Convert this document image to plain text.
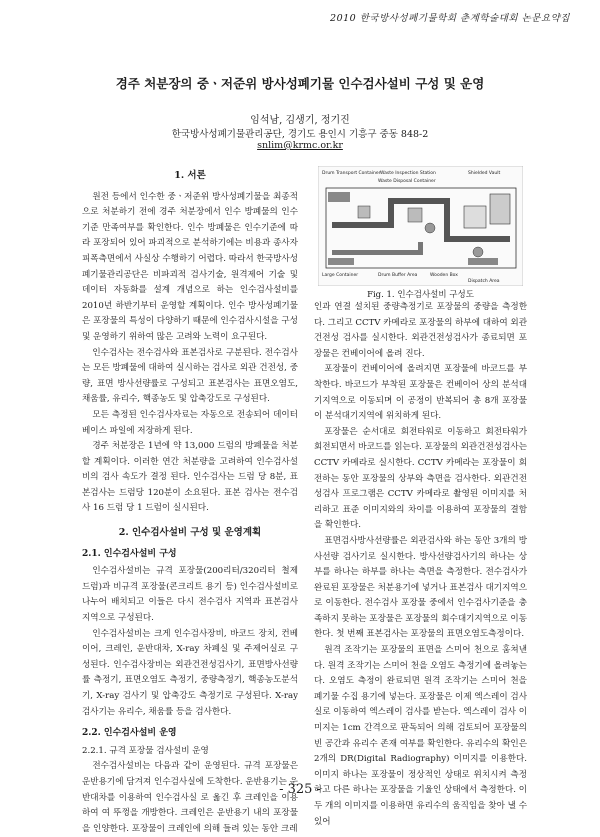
2010 한국방사성폐기물학회 춘계학술대회 논문요약집
경주 처분장의 중ㆍ저준위 방사성폐기물 인수검사설비 구성 및 운영
임석남, 김생기, 정기진
한국방사성폐기물관리공단, 경기도 용인시 기흥구 중동 848-2
snlim@krmc.or.kr
1. 서론

원전 등에서 인수한 중ㆍ저준위 방사성폐기물을 최종적으로 처분하기 전에 경주 처분장에서 인수 방폐물의 인수기준 만족여부를 확인한다. 인수 방폐물은 인수기준에 따라 포장되어 있어 파괴적으로 분석하기에는 비용과 종사자 피폭측면에서 사실상 수행하기 어렵다. 따라서 한국방사성폐기물관리공단은 비파괴적 검사기술, 원격제어 기술 및 데이터 자동화를 설계 개념으로 하는 인수검사설비를 2010년 하반기부터 운영할 계획이다. 인수 방사성폐기물은 포장물의 특성이 다양하기 때문에 인수검사시설을 구성 및 운영하기 위하여 많은 고려와 노력이 요구된다.

인수검사는 전수검사와 표본검사로 구분된다. 전수검사는 모든 방폐물에 대하여 실시하는 검사로 외관 건전성, 중량, 표면 방사선량률로 구성되고 표본검사는 표면오염도, 채움률, 유리수, 핵종농도 및 압축강도로 구성된다.

모든 측정된 인수검사자료는 자동으로 전송되어 데이터베이스 파일에 저장하게 된다.

경주 처분장은 1년에 약 13,000 드럼의 방폐물을 처분할 계획이다. 이러한 연간 처분량을 고려하여 인수검사설비의 검사 속도가 결정 된다. 인수검사는 드럼 당 8분, 표본검사는 드럼당 120분이 소요된다. 표본 검사는 전수검사 16 드럼 당 1 드럼이 실시된다.

2. 인수검사설비 구성 및 운영계획
2.1. 인수검사설비 구성

인수검사설비는 규격 포장물(200리터/320리터 철제 드럼)과 비규격 포장물(콘크리트 용기 등) 인수검사설비로 나누어 배치되고 이들은 다시 전수검사 지역과 표본검사 지역으로 구성된다.

인수검사설비는 크게 인수검사장비, 바코드 장치, 컨베이어, 크레인, 운반대차, X-ray 차폐실 및 주제어실로 구성된다. 인수검사장비는 외관건전성검사기, 표면방사선량률 측정기, 표면오염도 측정기, 중량측정기, 핵종농도분석기, X-ray 검사기 및 압축강도 측정기로 구성된다. X-ray 검사기는 유리수, 채움률 등을 검사한다.

2.2. 인수검사설비 운영
2.2.1. 규격 포장물 검사설비 운영

전수검사설비는 다음과 같이 운영된다. 규격 포장물은 운반용기에 담겨져 인수검사실에 도착한다. 운반용기는 운반대차를 이용하여 인수검사실 로 옮긴 후 크레인을 이용하여 여 뚜껑을 개방한다. 크레인은 운반용기 내의 포장물을 인양한다. 포장물이 크레인에 의해 들려 있는 동안 크레

Drum Transport Container Waste Inspection Station	Shielded Vault
Waste Disposal Container
Large Container	Drum Buffer Area	Wooden Box
Dispatch Area
Fig. 1. 인수검사설비 구성도

인과 연결 설치된 중량측정기로 포장물의 중량을 측정한다. 그리고 CCTV 카메라로 포장물의 하부에 대하여 외관건전성 검사를 실시한다. 외관건전성검사가 종료되면 포장물은 컨베이어에 올려 진다.

포장물이 컨베이어에 올려지면 포장물에 바코드를 부착한다. 바코드가 부착된 포장물은 컨베이어 상의 분석대기지역으로 이동되며 이 공정이 반복되어 총 8개 포장물이 분석대기지역에 위치하게 된다.

포장물은 순서대로 회전타워로 이동하고 회전타워가 회전되면서 바코드를 읽는다. 포장물의 외관건전성검사는 CCTV 카메라로 실시한다. CCTV 카메라는 포장물이 회전하는 동안 포장물의 상부와 측면을 검사한다. 외관건전성검사 프로그램은 CCTV 카메라로 촬영된 이미지를 처리하고 표준 이미지와의 차이를 이용하여 포장물의 결함을 확인한다.

표면검사방사선량률은 외관검사와 하는 동안 3개의 방사선량 검사기로 실시한다. 방사선량검사기의 하나는 상부를 하나는 하부를 하나는 측면을 측정한다. 전수검사가 완료된 포장물은 처분용기에 넣거나 표본검사 대기지역으로 이동한다. 전수검사 포장물 중에서 인수검사기준을 충족하지 못하는 포장물은 포장물의 회수대기지역으로 이동한다. 첫 번째 표본검사는 포장물의 표면오염도측정이다.

원격 조작기는 포장물의 표면을 스미어 천으로 훔쳐낸다. 원격 조작기는 스미어 천을 오염도 측정기에 올려놓는다. 오염도 측정이 완료되면 원격 조작기는 스미어 천을 폐기물 수집 용기에 넣는다. 포장물은 이제 엑스레이 검사실로 이동하여 엑스레이 검사를 받는다. 엑스레이 검사 이미지는 1cm 간격으로 판독되어 의해 검토되어 포장물의 빈 공간과 유리수 존재 여부를 확인한다. 유리수의 확인은 2개의 DR(Digital Radiography) 이미지를 이용한다. 이미지 하나는 포장물이 정상적인 상태로 위치시켜 측정하고 다른 하나는 포장물을 기울인 상태에서 측정한다. 이 두 개의 이미지를 이용하면 유리수의 움직임을 찾아 낼 수 있어

- 325 -
